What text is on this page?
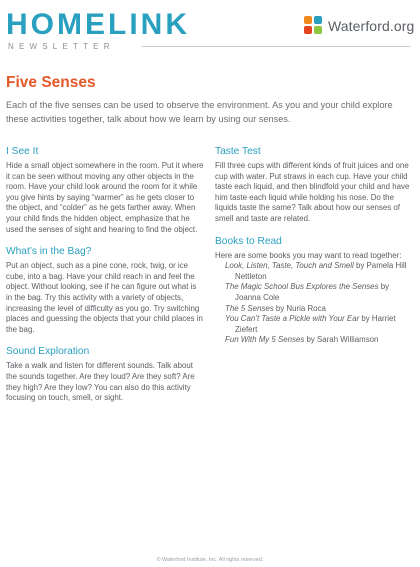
HOMELINK
NEWSLETTER
Waterford.org
Five Senses

Each of the five senses can be used to observe the environment. As you and your child explore these activities together, talk about how we learn by using our senses.

I See It

Hide a small object somewhere in the room. Put it where it can be seen without moving any other objects in the room. Have your child look around the room for it while you give hints by saying “warmer” as he gets closer to the object, and “colder” as he gets farther away. When your child finds the hidden object, emphasize that he used the senses of sight and hearing to find the object.

What’s in the Bag?

Put an object, such as a pine cone, rock, twig, or ice cube, into a bag. Have your child reach in and feel the object. Without looking, see if he can figure out what is in the bag. Try this activity with a variety of objects, increasing the level of difficulty as you go. Try switching places and guessing the objects that your child places in the bag.

Sound Exploration

Take a walk and listen for different sounds. Talk about the sounds together. Are they loud? Are they soft? Are they high? Are they low? You can also do this activity focusing on touch, smell, or sight.

Taste Test

Fill three cups with different kinds of fruit juices and one cup with water. Put straws in each cup. Have your child taste each liquid, and then blindfold your child and have him taste each liquid while holding his nose. Do the liquids taste the same? Talk about how our senses of smell and taste are related.

Books to Read

Here are some books you may want to read together:

Look, Listen, Taste, Touch and Smell by Pamela Hill Nettleton

The Magic School Bus Explores the Senses by Joanna Cole

The 5 Senses by Nuria Roca

You Can’t Taste a Pickle with Your Ear by Harriet Ziefert

Fun With My 5 Senses by Sarah Williamson

© Waterford Institute, Inc. All rights reserved.
